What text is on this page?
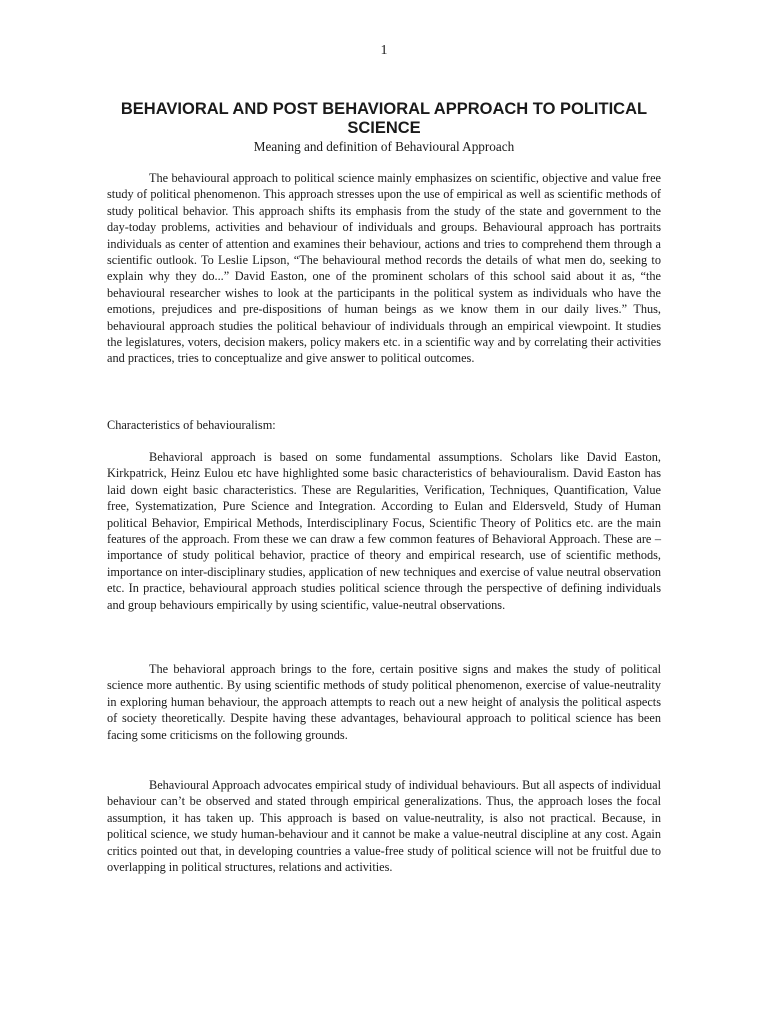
1
BEHAVIORAL AND POST BEHAVIORAL APPROACH TO POLITICAL SCIENCE
Meaning and definition of Behavioural Approach

The behavioural approach to political science mainly emphasizes on scientific, objective and value free study of political phenomenon. This approach stresses upon the use of empirical as well as scientific methods of study political behavior. This approach shifts its emphasis from the study of the state and government to the day-today problems, activities and behaviour of individuals and groups. Behavioural approach has portraits individuals as center of attention and examines their behaviour, actions and tries to comprehend them through a scientific outlook. To Leslie Lipson, “The behavioural method records the details of what men do, seeking to explain why they do...” David Easton, one of the prominent scholars of this school said about it as, “the behavioural researcher wishes to look at the participants in the political system as individuals who have the emotions, prejudices and pre-dispositions of human beings as we know them in our daily lives.” Thus, behavioural approach studies the political behaviour of individuals through an empirical viewpoint. It studies the legislatures, voters, decision makers, policy makers etc. in a scientific way and by correlating their activities and practices, tries to conceptualize and give answer to political outcomes.

Characteristics of behaviouralism:

Behavioral approach is based on some fundamental assumptions. Scholars like David Easton, Kirkpatrick, Heinz Eulou etc have highlighted some basic characteristics of behaviouralism. David Easton has laid down eight basic characteristics. These are Regularities, Verification, Techniques, Quantification, Value free, Systematization, Pure Science and Integration. According to Eulan and Eldersveld, Study of Human political Behavior, Empirical Methods, Interdisciplinary Focus, Scientific Theory of Politics etc. are the main features of the approach. From these we can draw a few common features of Behavioral Approach. These are – importance of study political behavior, practice of theory and empirical research, use of scientific methods, importance on inter-disciplinary studies, application of new techniques and exercise of value neutral observation etc. In practice, behavioural approach studies political science through the perspective of defining individuals and group behaviours empirically by using scientific, value-neutral observations.

The behavioral approach brings to the fore, certain positive signs and makes the study of political science more authentic. By using scientific methods of study political phenomenon, exercise of value-neutrality in exploring human behaviour, the approach attempts to reach out a new height of analysis the political aspects of society theoretically. Despite having these advantages, behavioural approach to political science has been facing some criticisms on the following grounds.

Behavioural Approach advocates empirical study of individual behaviours. But all aspects of individual behaviour can’t be observed and stated through empirical generalizations. Thus, the approach loses the focal assumption, it has taken up. This approach is based on value-neutrality, is also not practical. Because, in political science, we study human-behaviour and it cannot be make a value-neutral discipline at any cost. Again critics pointed out that, in developing countries a value-free study of political science will not be fruitful due to overlapping in political structures, relations and activities.
